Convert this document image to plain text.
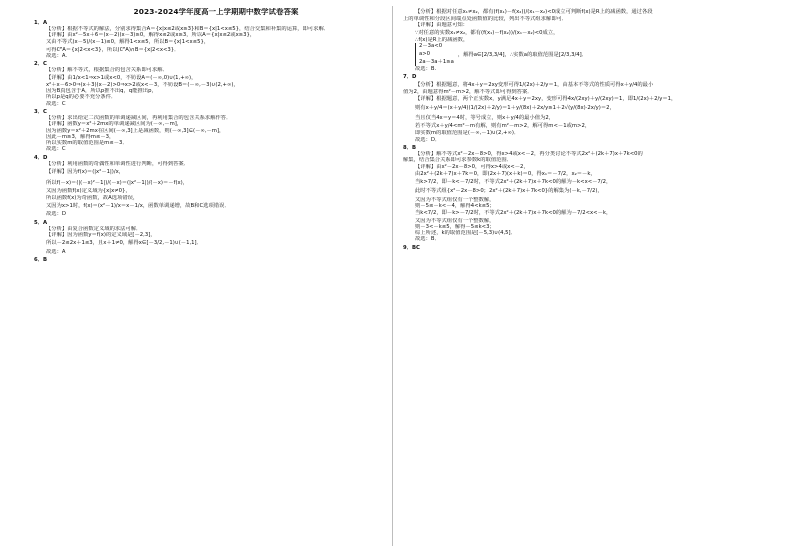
2023-2024学年度高一上学期期中数学试卷答案
1．A
【分析】根据不等式的解法，分别求得集合A＝{x|x≤2或x≥3}和B＝{x|1<x≤5}，结合交集和补集的运算，即可求解．
【详解】由x²－5x＋6＝(x－2)(x－3)≥0，解得x≤2或x≥3，所以A＝{x|x≤2或x≥3}，
又由不等式(x－5)/(x－1)≤0，解得1<x≤5，所以B＝{x|1<x≤5}，
可得∁ᴿA＝{x|2<x<3}，所以(∁ᴿA)∩B＝{x|2<x<3}．
故选：A.
2．C
【分析】解不等式，根据集合的包含关系即可求解．
【详解】由1/x<1⇒x>1或x<0，不妨设A＝(－∞,0)∪(1,+∞)，
x²＋x－6>0⇒(x＋3)(x－2)>0⇒x>2或x<－3，不妨设B＝(－∞,－3)∪(2,+∞)，
因为B真包含于A，所以p推不出q，q能推出p，
所以p是q的必要不充分条件．
故选：C
3．C
【分析】求出给定二次函数的单调递减区间，再利用集合的包含关系求解作答．
【详解】函数y＝x²＋2mx的单调递减区间为(－∞,－m]，
因为函数y＝x²＋2mx在区间(－∞,3]上是减函数，则(－∞,3]⊆(－∞,－m]，
因此－m≥3，解得m≤－3，
所以实数m的取值范围是m≤－3．
故选：C
4．D
【分析】利用函数的奇偶性和单调性进行判断，可得到答案．
【详解】因为f(x)＝(|x²－1|)/x，
所以f(－x)＝(|(－x)²－1|)/(－x)＝(|x²－1|)/(－x)＝－f(x)，
又因为函数f(x)定义域为{x|x≠0}，
所以函数f(x)为奇函数，故A选项错误，
又因为x>1时，f(x)＝(x²－1)/x＝x－1/x，函数单调递增，故B和C选项错误．
故选：D
5．A
【分析】由复合函数定义域的求法可解．
【详解】因为函数y＝f(x)的定义域是[－2,3]，
所以－2≤2x＋1≤3，且x＋1≠0，解得x∈[－3/2,－1)∪(－1,1]．
故选：A
6．B
【分析】根据对任意x₁≠x₂，都有(f(x₁)－f(x₂))/(x₁－x₂)<0成立可判断f(x)是R上的减函数，通过各段
上的单调性和分段区间端点处函数值的比较，列出不等式组求解即可．
【详解】由题意可知：
∵对任意的实数x₁≠x₂，都有(f(x₁)－f(x₂))/(x₁－x₂)<0成立，
∴f(x)是R上的减函数，
2－3a<0
a>0
2a－3a＋1≥a
，解得a∈[2/3,3/4]，∴实数a的取值范围是[2/3,3/4]．
故选：B.
7．D
【分析】根据题意，将4x＋y＝2xy变形可得1/(2x)＋2/y＝1，由基本不等式的性质可得x＋y/4的最小
值为2，由题意得m²－m>2，解不等式即可得到答案．
【详解】根据题意，两个正实数x，y满足4x＋y＝2xy，变形可得4x/(2xy)＋y/(2xy)＝1，即1/(2x)＋2/y＝1，
则有x＋y/4＝(x＋y/4)(1/(2x)＋2/y)＝1＋y/(8x)＋2x/y≥1＋2√(y/(8x)·2x/y)＝2，
当且仅当4x＝y＝4时，等号成立，则x＋y/4的最小值为2，
若不等式x＋y/4<m²－m有解，则有m²－m>2，解可得m<－1或m>2，
即实数m的取值范围是(－∞,－1)∪(2,+∞)．
故选：D．
8．B
【分析】解不等式x²－2x－8>0，得x>4或x<－2，再分类讨论不等式2x²＋(2k＋7)x＋7k<0的
解集，结合集合关系即可求参数k的取值范围．
【详解】由x²－2x－8>0，可得x>4或x<－2，
由2x²＋(2k＋7)x＋7k＝0，即(2x＋7)(x＋k)＝0，得x₁＝－7/2，x₂＝－k，
当k>7/2，即－k<－7/2时，不等式2x²＋(2k＋7)x＋7k<0的解为－k<x<－7/2，
此时不等式组{x²－2x－8>0；2x²＋(2k＋7)x＋7k<0}的解集为(－k,－7/2)，
又因为不等式组仅有一个整数解，
则－5≤－k<－4，解得4<k≤5；
当k<7/2，即－k>－7/2时，不等式2x²＋(2k＋7)x＋7k<0的解为－7/2<x<－k，
又因为不等式组仅有一个整数解，
则－3<－k≤5，解得－5≤k<3；
综上所述，k的取值范围是[－5,3)∪(4,5]．
故选：B．
9．BC
